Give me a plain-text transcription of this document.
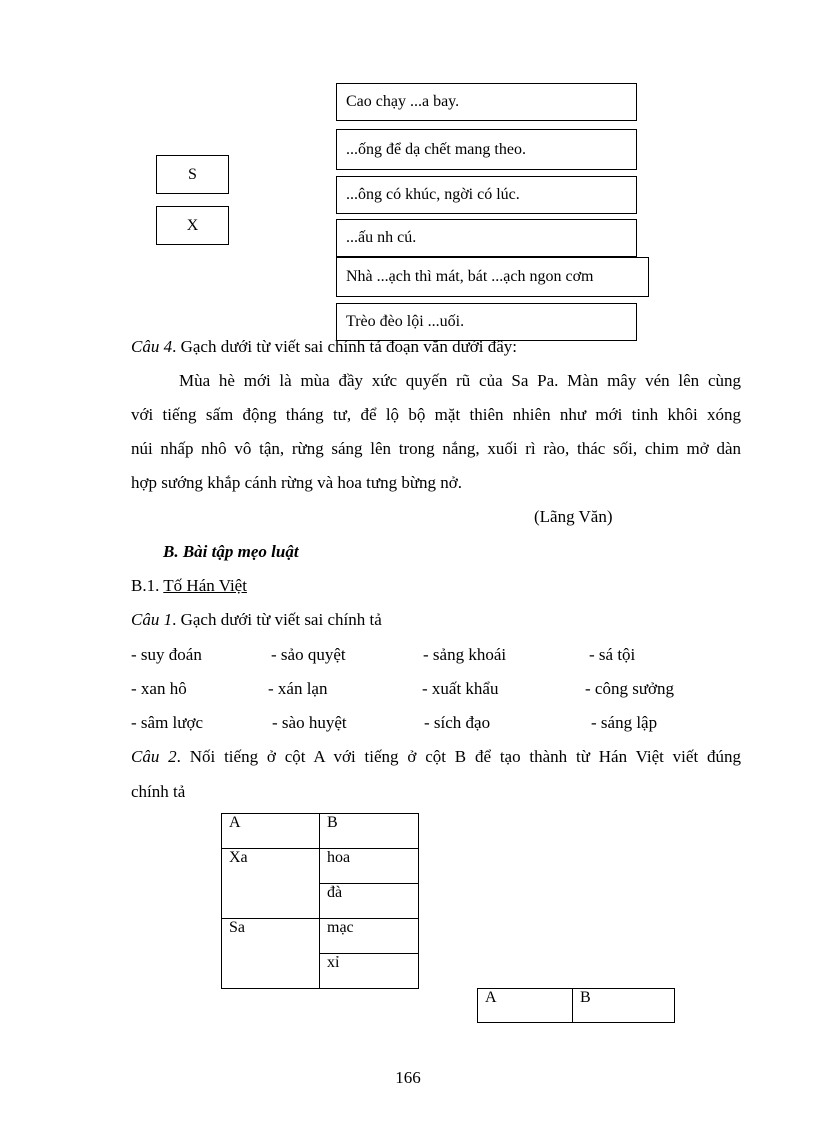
Cao chạy ...a bay.
...ống để dạ chết mang theo.
...ông có khúc, ngời có lúc.
...ấu nh cú.
Nhà ...ạch thì mát, bát ...ạch ngon cơm
Trèo đèo lội ...uối.
S
X
Câu 4. Gạch dưới từ viết sai chính tả đoạn văn dưới đây:
Mùa hè mới là mùa đầy xức quyến rũ của Sa Pa. Màn mây vén lên cùng
với tiếng sấm động tháng tư, để lộ bộ mặt thiên nhiên như mới tinh khôi xóng
núi nhấp nhô vô tận, rừng sáng lên trong nắng, xuối rì rào, thác sối, chim mở dàn
hợp sướng khắp cánh rừng và hoa tưng bừng nở.
(Lãng Văn)
B. Bài tập mẹo luật
B.1. Tố Hán Việt
Câu 1. Gạch dưới từ viết sai chính tả
- suy đoán	- sảo quyệt	- sảng khoái	- sá tội
- xan hô	- xán lạn	- xuất khẩu	- công sưởng
- sâm lược	- sào huyệt	- sích đạo	- sáng lập
Câu 2. Nối tiếng ở cột A với tiếng ở cột B để tạo thành từ Hán Việt viết đúng
chính tả
A	B
Xa	hoa
	đà
Sa	mạc
	xỉ
A	B
166
